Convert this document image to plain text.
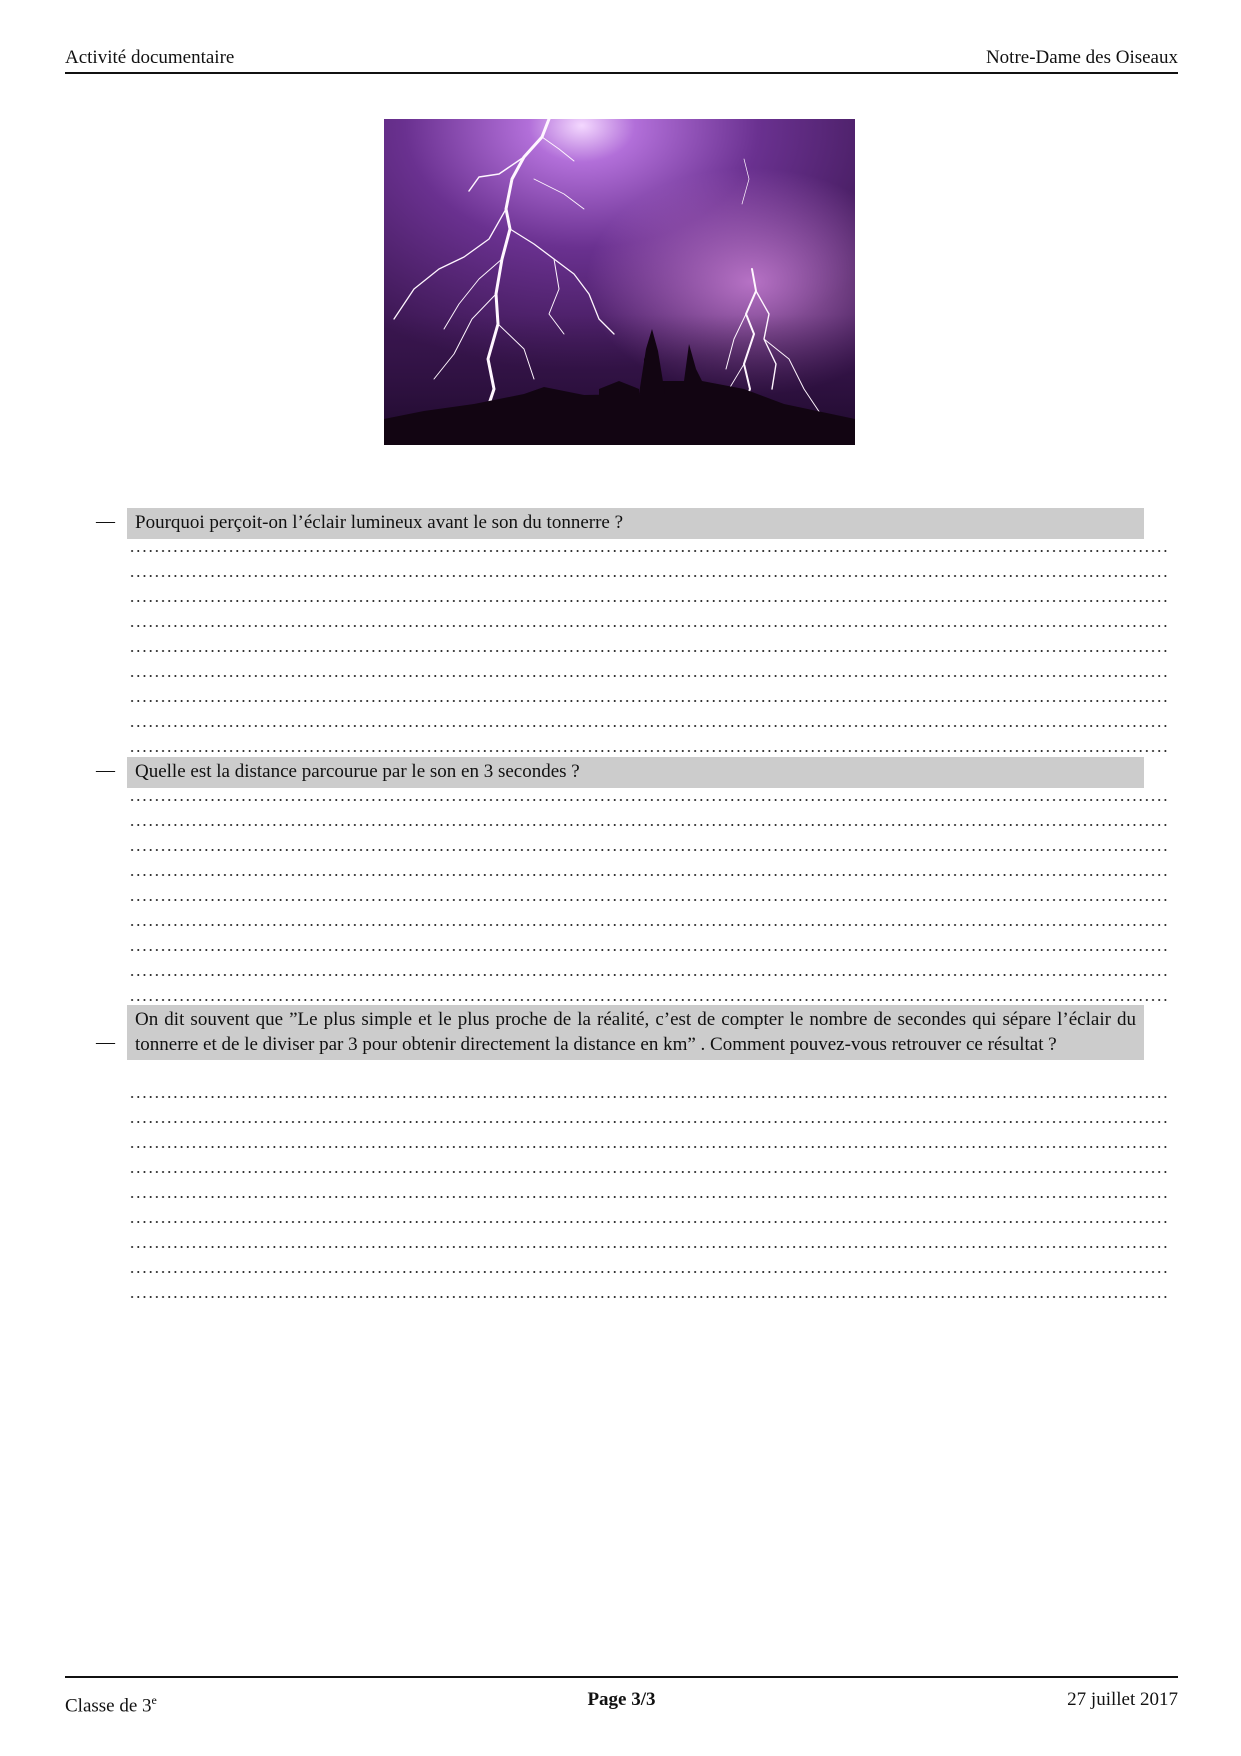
Activité documentaire	Notre-Dame des Oiseaux
—	Pourquoi perçoit-on l’éclair lumineux avant le son du tonnerre ?
—	Quelle est la distance parcourue par le son en 3 secondes ?
—
On dit souvent que ”Le plus simple et le plus proche de la réalité, c’est de compter le nombre de secondes qui sépare l’éclair du tonnerre et de le diviser par 3 pour obtenir directement la distance en km” . Comment pouvez-vous retrouver ce résultat ?
Classe de 3e	Page 3/3	27 juillet 2017
